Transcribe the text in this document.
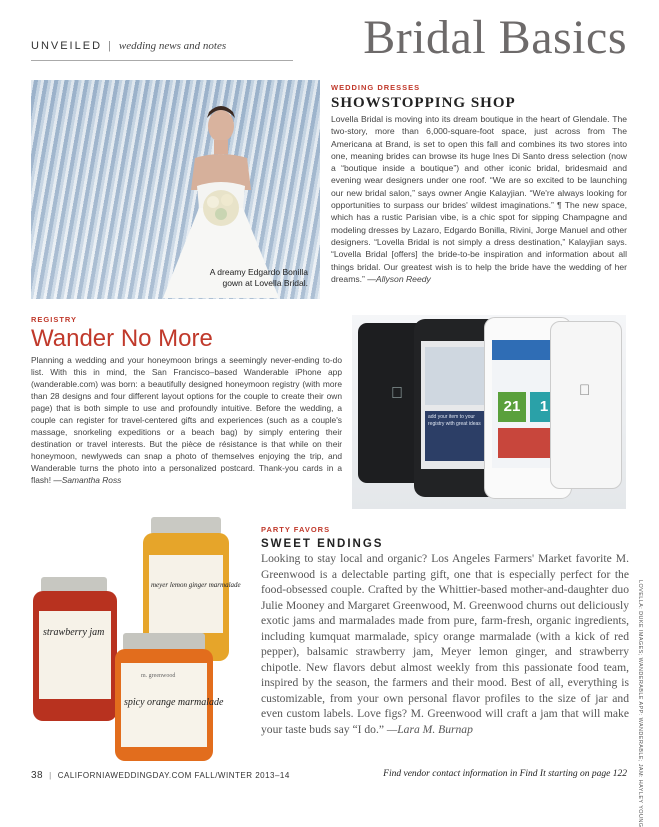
UNVEILED | wedding news and notes	Bridal Basics
A dreamy Edgardo Bonilla gown at Lovella Bridal.
WEDDING DRESSES
SHOWSTOPPING SHOP
Lovella Bridal is moving into its dream boutique in the heart of Glendale. The two-story, more than 6,000-square-foot space, just across from The Americana at Brand, is set to open this fall and combines its two stores into one, meaning brides can browse its huge Ines Di Santo dress selection (now a “boutique inside a boutique”) and other iconic bridal, bridesmaid and evening wear designers under one roof. “We are so excited to be launching our new bridal salon,” says owner Angie Kalayjian. “We're always looking for opportunities to surpass our brides' wildest imaginations.” ¶ The new space, which has a rustic Parisian vibe, is a chic spot for sipping Champagne and modeling dresses by Lazaro, Edgardo Bonilla, Rivini, Jorge Manuel and other designers. “Lovella Bridal is not simply a dress destination,” Kalayjian says. “Lovella Bridal [offers] the bride-to-be inspiration and information about all things bridal. Our greatest wish is to help the bride have the wedding of her dreams.” —Allyson Reedy
REGISTRY
Wander No More
Planning a wedding and your honeymoon brings a seemingly never-ending to-do list. With this in mind, the San Francisco–based Wanderable iPhone app (wanderable.com) was born: a beautifully designed honeymoon registry (with more than 28 designs and four different layout options for the couple to create their own page) that is both simple to use and profoundly intuitive. Before the wedding, a couple can register for travel-centered gifts and experiences (such as a couple's massage, snorkeling expeditions or a beach bag) by simply entering their destination or travel interests. But the pièce de résistance is that while on their honeymoon, newlyweds can snap a photo of themselves enjoying the trip, and Wanderable turns the photo into a personalized postcard. Thank-you cards in a flash! —Samantha Ross
add your item to your registry with great ideas
21	1
strawberry jam
meyer lemon ginger marmalade
spicy orange marmalade
m. greenwood
PARTY FAVORS
SWEET ENDINGS
Looking to stay local and organic? Los Angeles Farmers' Market favorite M. Greenwood is a delectable parting gift, one that is especially perfect for the food-obsessed couple. Crafted by the Whittier-based mother-and-daughter duo Julie Mooney and Margaret Greenwood, M. Greenwood churns out deliciously exotic jams and marmalades made from pure, farm-fresh, organic ingredients, including kumquat marmalade, spicy orange marmalade (with a kick of red pepper), balsamic strawberry jam, Meyer lemon ginger, and strawberry chipotle. New flavors debut almost weekly from this passionate food team, inspired by the season, the farmers and their mood. Best of all, everything is customizable, from your own personal flavor profiles to the size of jar and even custom labels. Love figs? M. Greenwood will craft a jam that will make your taste buds say “I do.” —Lara M. Burnap	LOVELLA: DUKE IMAGES; WANDERABLE APP: WANDERABLE; JAM: HAYLEY YOUNG
38 | CALIFORNIAWEDDINGDAY.COM FALL/WINTER 2013–14	Find vendor contact information in Find It starting on page 122
